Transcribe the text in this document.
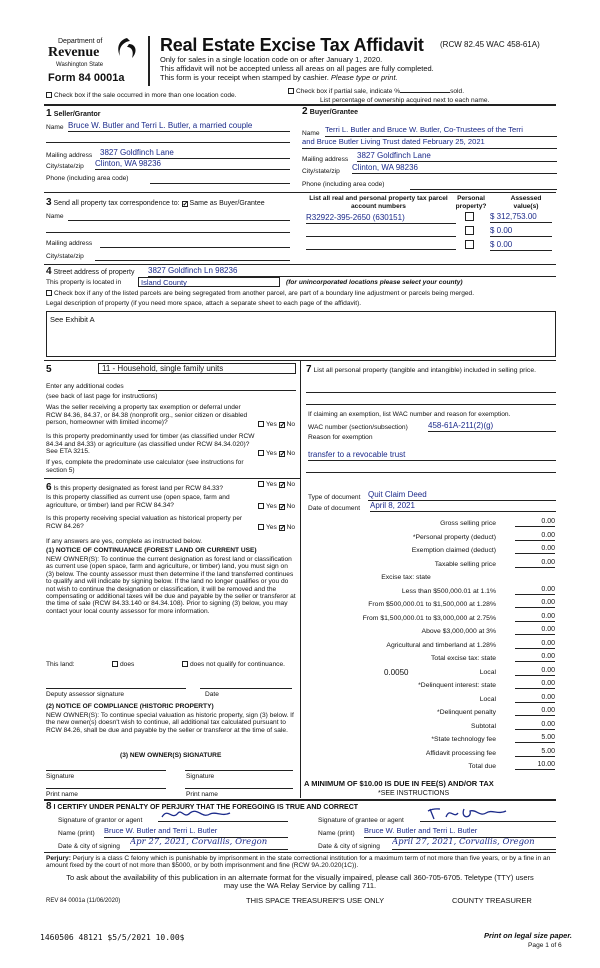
Department of
Revenue
Washington State
Form 84 0001a
Real Estate Excise Tax Affidavit (RCW 82.45 WAC 458-61A)
Only for sales in a single location code on or after January 1, 2020.
This affidavit will not be accepted unless all areas on all pages are fully completed.
This form is your receipt when stamped by cashier. Please type or print.
Check box if the sale occurred in more than one location code.
Check box if partial sale, indicate %	sold.
List percentage of ownership acquired next to each name.
1 Seller/Grantor
Name Bruce W. Butler and Terri L. Butler, a married couple
Mailing address 3827 Goldfinch Lane
City/state/zip Clinton, WA 98236
Phone (including area code)
2 Buyer/Grantee
Name Terri L. Butler and Bruce W. Butler, Co-Trustees of the Terri
and Bruce Butler Living Trust dated February 25, 2021
Mailing address 3827 Goldfinch Lane
City/state/zip Clinton, WA 98236
Phone (including area code)
3 Send all property tax correspondence to: ✓ Same as Buyer/Grantee
Name
Mailing address
City/state/zip
List all real and personal property tax parcel account numbers
Personal property?
Assessed value(s)
R32922-395-2650 (630151)	$ 312,753.00
$ 0.00
$ 0.00
4 Street address of property 3827 Goldfinch Ln 98236
This property is located in	Island County	(for unincorporated locations please select your county)
Check box if any of the listed parcels are being segregated from another parcel, are part of a boundary line adjustment or parcels being merged.
Legal description of property (if you need more space, attach a separate sheet to each page of the affidavit).
See Exhibit A
5	11 - Household, single family units
Enter any additional codes
(see back of last page for instructions)
Was the seller receiving a property tax exemption or deferral under RCW 84.36, 84.37, or 84.38 (nonprofit org., senior citizen or disabled person, homeowner with limited income)?	Yes ✓ No
Is this property predominantly used for timber (as classified under RCW 84.34 and 84.33) or agriculture (as classified under RCW 84.34.020)? See ETA 3215.	Yes ✓ No
If yes, complete the predominate use calculator (see instructions for section 5)
6 Is this property designated as forest land per RCW 84.33?
Yes ✓ No
Is this property classified as current use (open space, farm and agriculture, or timber) land per RCW 84.34?	Yes ✓ No
Is this property receiving special valuation as historical property per RCW 84.26?	Yes ✓ No
If any answers are yes, complete as instructed below.
(1) NOTICE OF CONTINUANCE (FOREST LAND OR CURRENT USE)
NEW OWNER(S): To continue the current designation as forest land or classification as current use (open space, farm and agriculture, or timber) land, you must sign on (3) below. The county assessor must then determine if the land transferred continues to qualify and will indicate by signing below. If the land no longer qualifies or you do not wish to continue the designation or classification, it will be removed and the compensating or additional taxes will be due and payable by the seller or transferor at the time of sale (RCW 84.33.140 or 84.34.108). Prior to signing (3) below, you may contact your local county assessor for more information.
This land:	does	does not qualify for continuance.
Deputy assessor signature	Date
(2) NOTICE OF COMPLIANCE (HISTORIC PROPERTY)
NEW OWNER(S): To continue special valuation as historic property, sign (3) below. If the new owner(s) doesn't wish to continue, all additional tax calculated pursuant to RCW 84.26, shall be due and payable by the seller or transferor at the time of sale.
(3) NEW OWNER(S) SIGNATURE
Signature	Signature
Print name	Print name
7 List all personal property (tangible and intangible) included in selling price.
If claiming an exemption, list WAC number and reason for exemption.
WAC number (section/subsection)	458-61A-211(2)(g)
Reason for exemption
transfer to a revocable trust
Type of document Quit Claim Deed
Date of document April 8, 2021
Gross selling price	0.00
*Personal property (deduct)	0.00
Exemption claimed (deduct)	0.00
Taxable selling price	0.00
Excise tax: state
Less than $500,000.01 at 1.1%	0.00
From $500,000.01 to $1,500,000 at 1.28%	0.00
From $1,500,000.01 to $3,000,000 at 2.75%	0.00
Above $3,000,000 at 3%	0.00
Agricultural and timberland at 1.28%	0.00
Total excise tax: state	0.00
Local
0.0050	0.00
*Delinquent interest: state	0.00
Local	0.00
*Delinquent penalty	0.00
Subtotal	0.00
*State technology fee	5.00
Affidavit processing fee	5.00
Total due	10.00
A MINIMUM OF $10.00 IS DUE IN FEE(S) AND/OR TAX
*SEE INSTRUCTIONS
8 I CERTIFY UNDER PENALTY OF PERJURY THAT THE FOREGOING IS TRUE AND CORRECT
Signature of grantor or agent
Name (print) Bruce W. Butler and Terri L. Butler
Date & city of signing Apr 27, 2021, Corvallis, Oregon
Signature of grantee or agent
Name (print) Bruce W. Butler and Terri L. Butler
Date & city of signing April 27, 2021, Corvallis, Oregon
Perjury: Perjury is a class C felony which is punishable by imprisonment in the state correctional institution for a maximum term of not more than five years, or by a fine in an amount fixed by the court of not more than $5000, or by both imprisonment and fine (RCW 9A.20.020(1C)).
To ask about the availability of this publication in an alternate format for the visually impaired, please call 360-705-6705. Teletype (TTY) users may use the WA Relay Service by calling 711.
REV 84 0001a (11/06/2020)	THIS SPACE TREASURER'S USE ONLY	COUNTY TREASURER
1460506 48121 $5/5/2021 10.00$	Print on legal size paper.
Page 1 of 6
